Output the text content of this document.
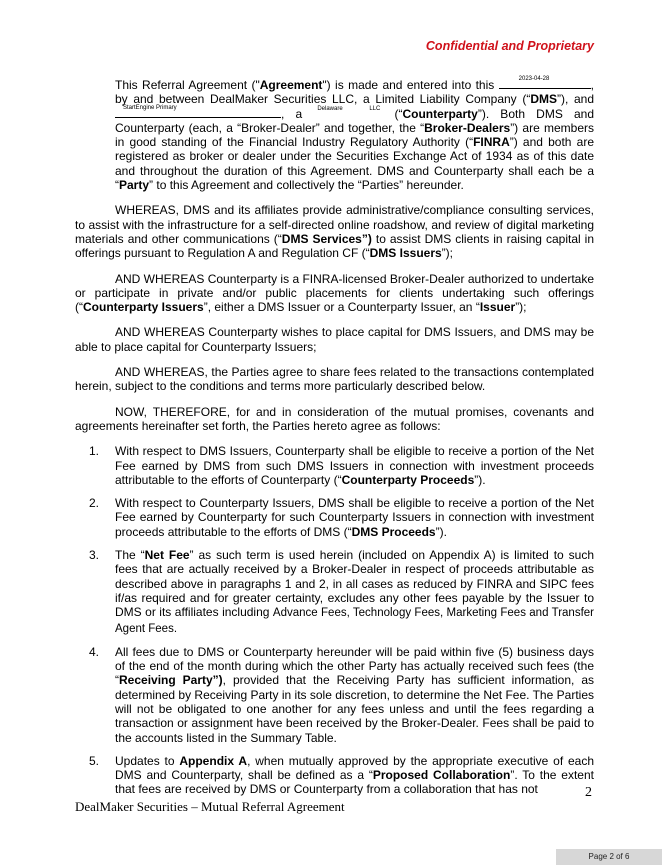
Confidential and Proprietary

This Referral Agreement ("Agreement") is made and entered into this	2023-04-28	, by and between DealMaker Securities LLC, a Limited Liability Company (“DMS”), and
StartEngine Primary	, a Delaware	LLC (“Counterparty”). Both DMS and Counterparty (each, a “Broker-Dealer” and together, the “Broker-Dealers”) are members in good standing of the Financial Industry Regulatory Authority (“FINRA”) and both are registered as broker or dealer under the Securities Exchange Act of 1934 as of this date and throughout the duration of this Agreement. DMS and Counterparty shall each be a “Party” to this Agreement and collectively the “Parties” hereunder.

WHEREAS, DMS and its affiliates provide administrative/compliance consulting services, to assist with the infrastructure for a self-directed online roadshow, and review of digital marketing materials and other communications (“DMS Services”) to assist DMS clients in raising capital in offerings pursuant to Regulation A and Regulation CF (“DMS Issuers”);

AND WHEREAS Counterparty is a FINRA-licensed Broker-Dealer authorized to undertake or participate in private and/or public placements for clients undertaking such offerings (“Counterparty Issuers”, either a DMS Issuer or a Counterparty Issuer, an “Issuer”);

AND WHEREAS Counterparty wishes to place capital for DMS Issuers, and DMS may be able to place capital for Counterparty Issuers;

AND WHEREAS, the Parties agree to share fees related to the transactions contemplated herein, subject to the conditions and terms more particularly described below.

NOW, THEREFORE, for and in consideration of the mutual promises, covenants and agreements hereinafter set forth, the Parties hereto agree as follows:

1. With respect to DMS Issuers, Counterparty shall be eligible to receive a portion of the Net Fee earned by DMS from such DMS Issuers in connection with investment proceeds attributable to the efforts of Counterparty (“Counterparty Proceeds”).
2. With respect to Counterparty Issuers, DMS shall be eligible to receive a portion of the Net Fee earned by Counterparty for such Counterparty Issuers in connection with investment proceeds attributable to the efforts of DMS (“DMS Proceeds”).
3. The “Net Fee” as such term is used herein (included on Appendix A) is limited to such fees that are actually received by a Broker-Dealer in respect of proceeds attributable as described above in paragraphs 1 and 2, in all cases as reduced by FINRA and SIPC fees if/as required and for greater certainty, excludes any other fees payable by the Issuer to DMS or its affiliates including Advance Fees, Technology Fees, Marketing Fees and Transfer Agent Fees.
4. All fees due to DMS or Counterparty hereunder will be paid within five (5) business days of the end of the month during which the other Party has actually received such fees (the “Receiving Party”), provided that the Receiving Party has sufficient information, as determined by Receiving Party in its sole discretion, to determine the Net Fee. The Parties will not be obligated to one another for any fees unless and until the fees regarding a transaction or assignment have been received by the Broker-Dealer. Fees shall be paid to the accounts listed in the Summary Table.
5. Updates to Appendix A, when mutually approved by the appropriate executive of each DMS and Counterparty, shall be defined as a “Proposed Collaboration”. To the extent that fees are received by DMS or Counterparty from a collaboration that has not	2
DealMaker Securities – Mutual Referral Agreement
Page 2 of 6
